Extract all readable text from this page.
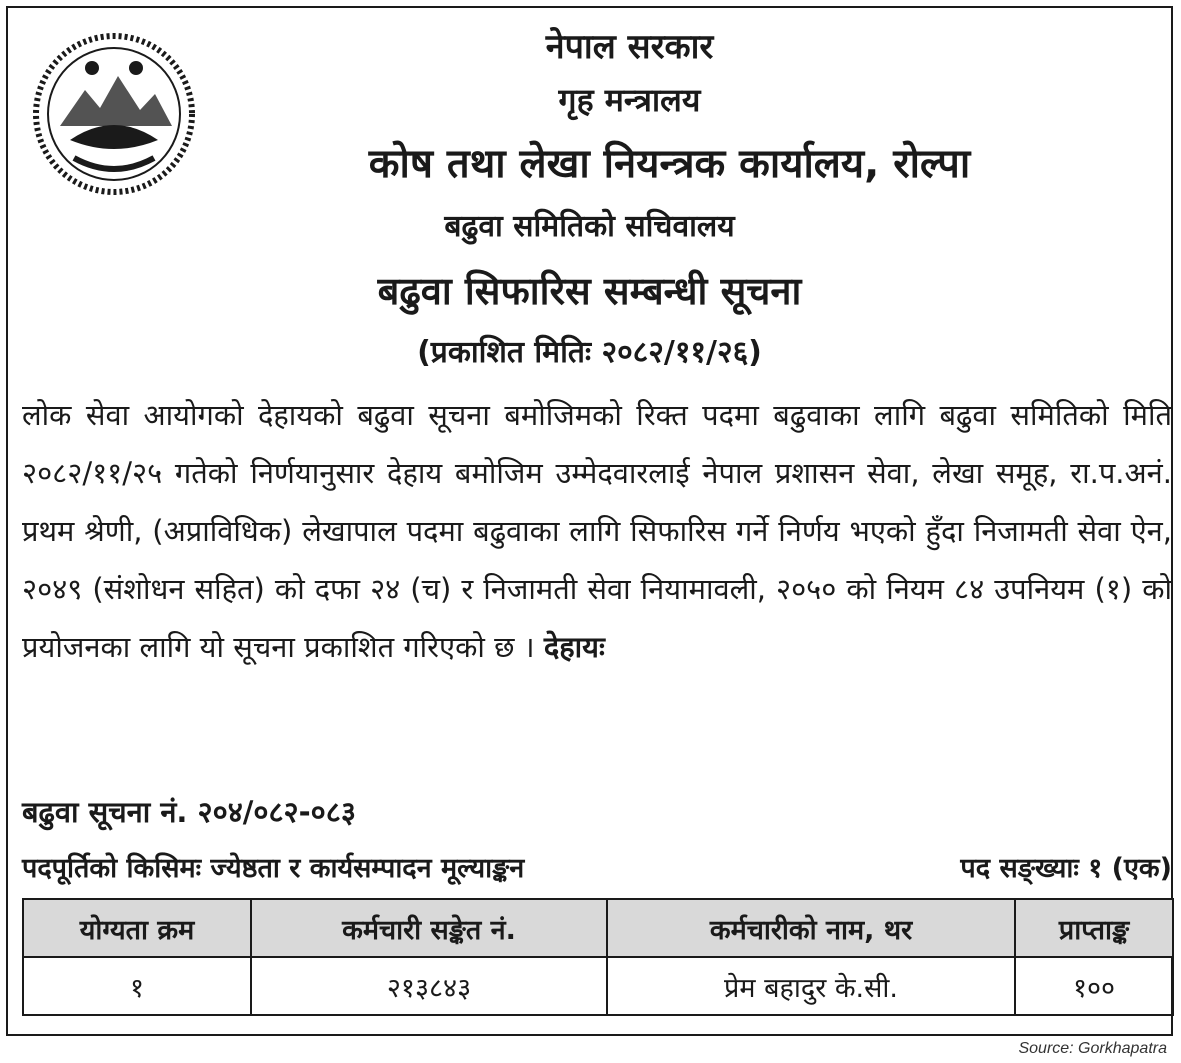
नेपाल सरकार
गृह मन्त्रालय
कोष तथा लेखा नियन्त्रक कार्यालय, रोल्पा
बढुवा समितिको सचिवालय
बढुवा सिफारिस सम्बन्धी सूचना
(प्रकाशित मितिः २०८२/११/२६)
लोक सेवा आयोगको देहायको बढुवा सूचना बमोजिमको रिक्त पदमा बढुवाका लागि बढुवा समितिको मिति २०८२/११/२५ गतेको निर्णयानुसार देहाय बमोजिम उम्मेदवारलाई नेपाल प्रशासन सेवा, लेखा समूह, रा.प.अनं. प्रथम श्रेणी, (अप्राविधिक) लेखापाल पदमा बढुवाका लागि सिफारिस गर्ने निर्णय भएको हुँदा निजामती सेवा ऐन, २०४९ (संशोधन सहित) को दफा २४ (च) र निजामती सेवा नियामावली, २०५० को नियम ८४ उपनियम (१) को प्रयोजनका लागि यो सूचना प्रकाशित गरिएको छ । देहायः
बढुवा सूचना नं. २०४/०८२-०८३
पदपूर्तिको किसिमः ज्येष्ठता र कार्यसम्पादन मूल्याङ्कन	पद सङ्ख्याः १ (एक)
योग्यता क्रम	कर्मचारी सङ्केत नं.	कर्मचारीको नाम, थर	प्राप्ताङ्क
१	२१३८४३	प्रेम बहादुर के.सी.	१००
Source: Gorkhapatra
